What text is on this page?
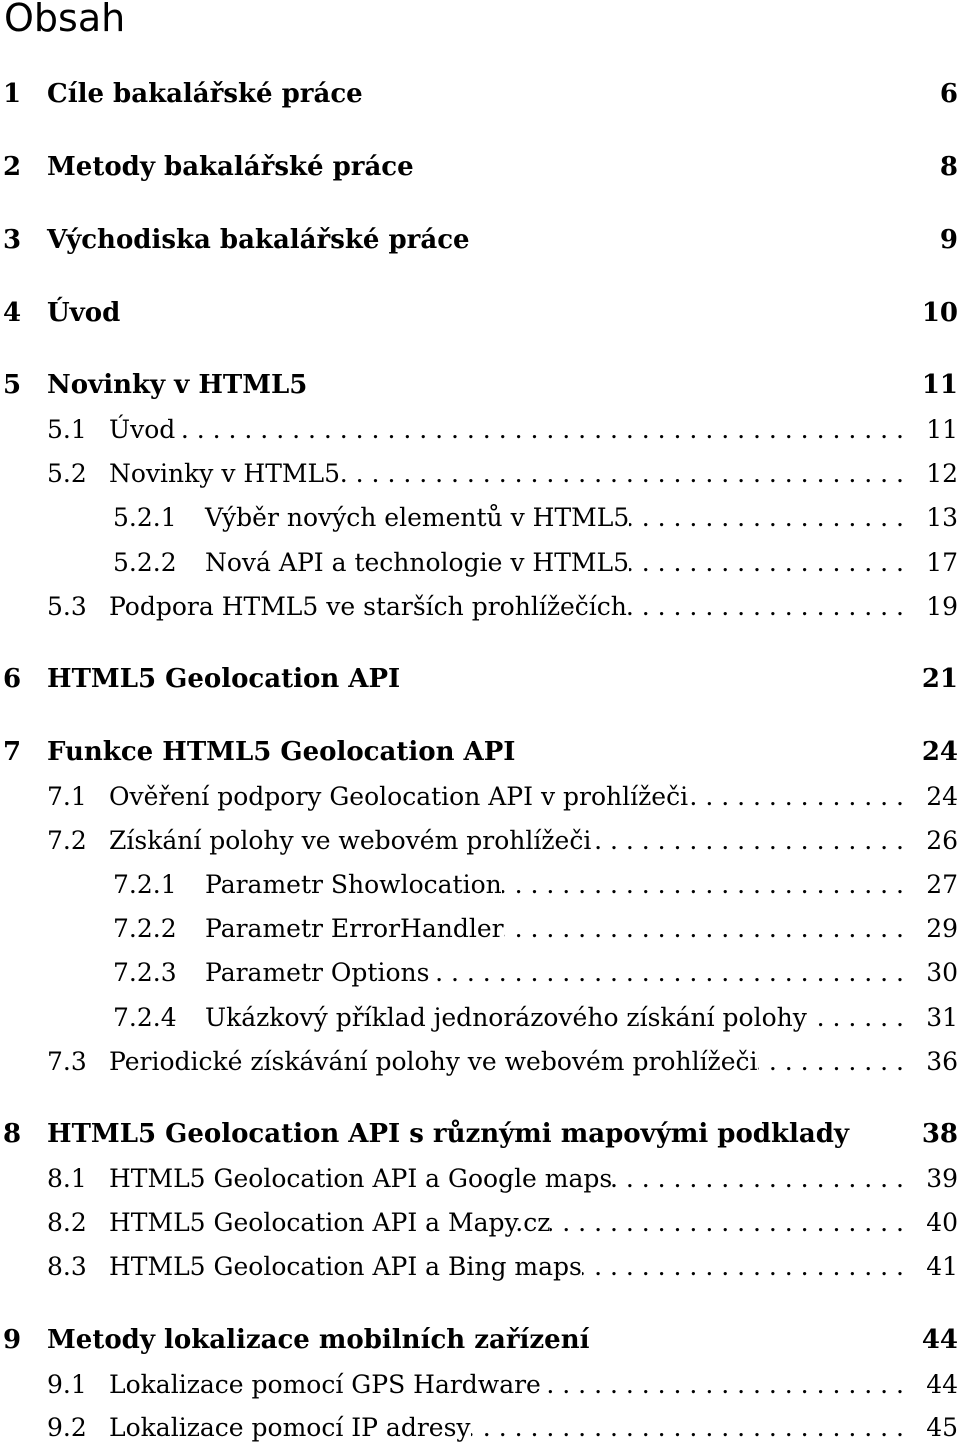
Obsah
1 Cíle bakalářské práce	6
2 Metody bakalářské práce	8
3 Východiska bakalářské práce	9
4 Úvod	10
5 Novinky v HTML5	11
5.1 Úvod . . .	11
5.2 Novinky v HTML5 . . .	12
5.2.1	Výběr nových elementů v HTML5 . . .	13
5.2.2	Nová API a technologie v HTML5 . . .	17
5.3 Podpora HTML5 ve starších prohlížečích . . .	19
6 HTML5 Geolocation API	21
7 Funkce HTML5 Geolocation API	24
7.1 Ověření podpory Geolocation API v prohlížeči . . .	24
7.2 Získání polohy ve webovém prohlížeči . . .	26
7.2.1	Parametr Showlocation . . .	27
7.2.2	Parametr ErrorHandler . . .	29
7.2.3	Parametr Options . . .	30
7.2.4	Ukázkový příklad jednorázového získání polohy . . .	31
7.3 Periodické získávání polohy ve webovém prohlížeči . . .	36
8 HTML5 Geolocation API s různými mapovými podklady	38
8.1 HTML5 Geolocation API a Google maps . . .	39
8.2 HTML5 Geolocation API a Mapy.cz . . .	40
8.3 HTML5 Geolocation API a Bing maps . . .	41
9 Metody lokalizace mobilních zařízení	44
9.1 Lokalizace pomocí GPS Hardware . . .	44
9.2 Lokalizace pomocí IP adresy . . .	45
